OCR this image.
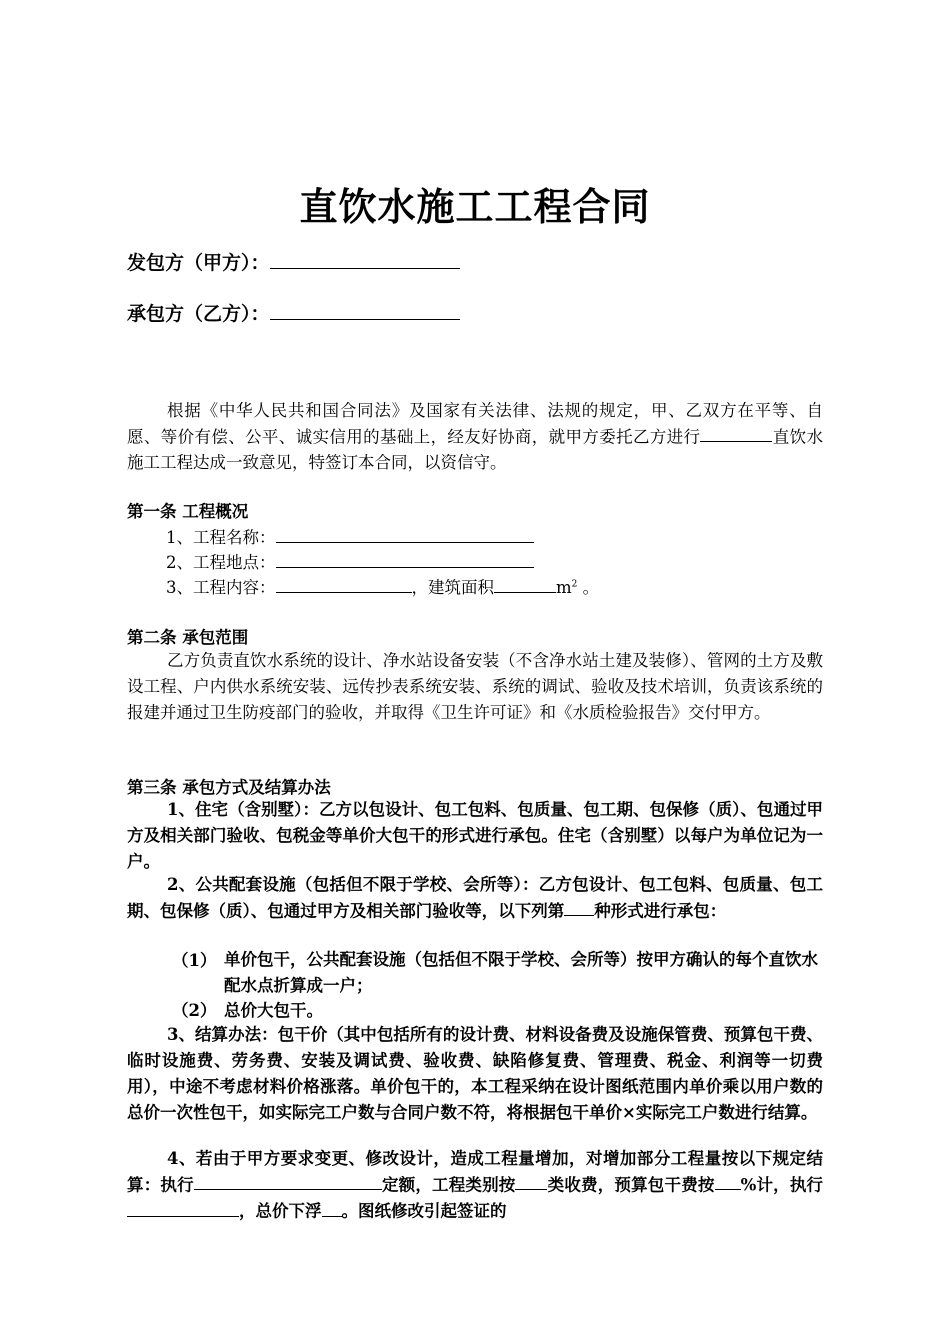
直饮水施工工程合同
发包方（甲方）：
承包方（乙方）：
根据《中华人民共和国合同法》及国家有关法律、法规的规定，甲、乙双方在平等、自愿、等价有偿、公平、诚实信用的基础上，经友好协商，就甲方委托乙方进行	直饮水施工工程达成一致意见，特签订本合同，以资信守。
第一条 工程概况
1、工程名称：
2、工程地点：
3、工程内容：	，建筑面积	$m^2$ 。
第二条 承包范围
乙方负责直饮水系统的设计、净水站设备安装（不含净水站土建及装修）、管网的土方及敷设工程、户内供水系统安装、远传抄表系统安装、系统的调试、验收及技术培训，负责该系统的报建并通过卫生防疫部门的验收，并取得《卫生许可证》和《水质检验报告》交付甲方。
第三条 承包方式及结算办法
1、住宅（含别墅）：乙方以包设计、包工包料、包质量、包工期、包保修（质）、包通过甲方及相关部门验收、包税金等单价大包干的形式进行承包。住宅（含别墅）以每户为单位记为一户。
2、公共配套设施（包括但不限于学校、会所等）：乙方包设计、包工包料、包质量、包工期、包保修（质）、包通过甲方及相关部门验收等，以下列第 种形式进行承包：
（1） 单价包干，公共配套设施（包括但不限于学校、会所等）按甲方确认的每个直饮水配水点折算成一户；
（2） 总价大包干。
3、结算办法：包干价（其中包括所有的设计费、材料设备费及设施保管费、预算包干费、临时设施费、劳务费、安装及调试费、验收费、缺陷修复费、管理费、税金、利润等一切费用），中途不考虑材料价格涨落。单价包干的，本工程采纳在设计图纸范围内单价乘以用户数的总价一次性包干，如实际完工户数与合同户数不符，将根据包干单价×实际完工户数进行结算。
4、若由于甲方要求变更、修改设计，造成工程量增加，对增加部分工程量按以下规定结算：执行	定额，工程类别按 类收费，预算包干费按 %计，执行，总价下浮 。图纸修改引起签证的
